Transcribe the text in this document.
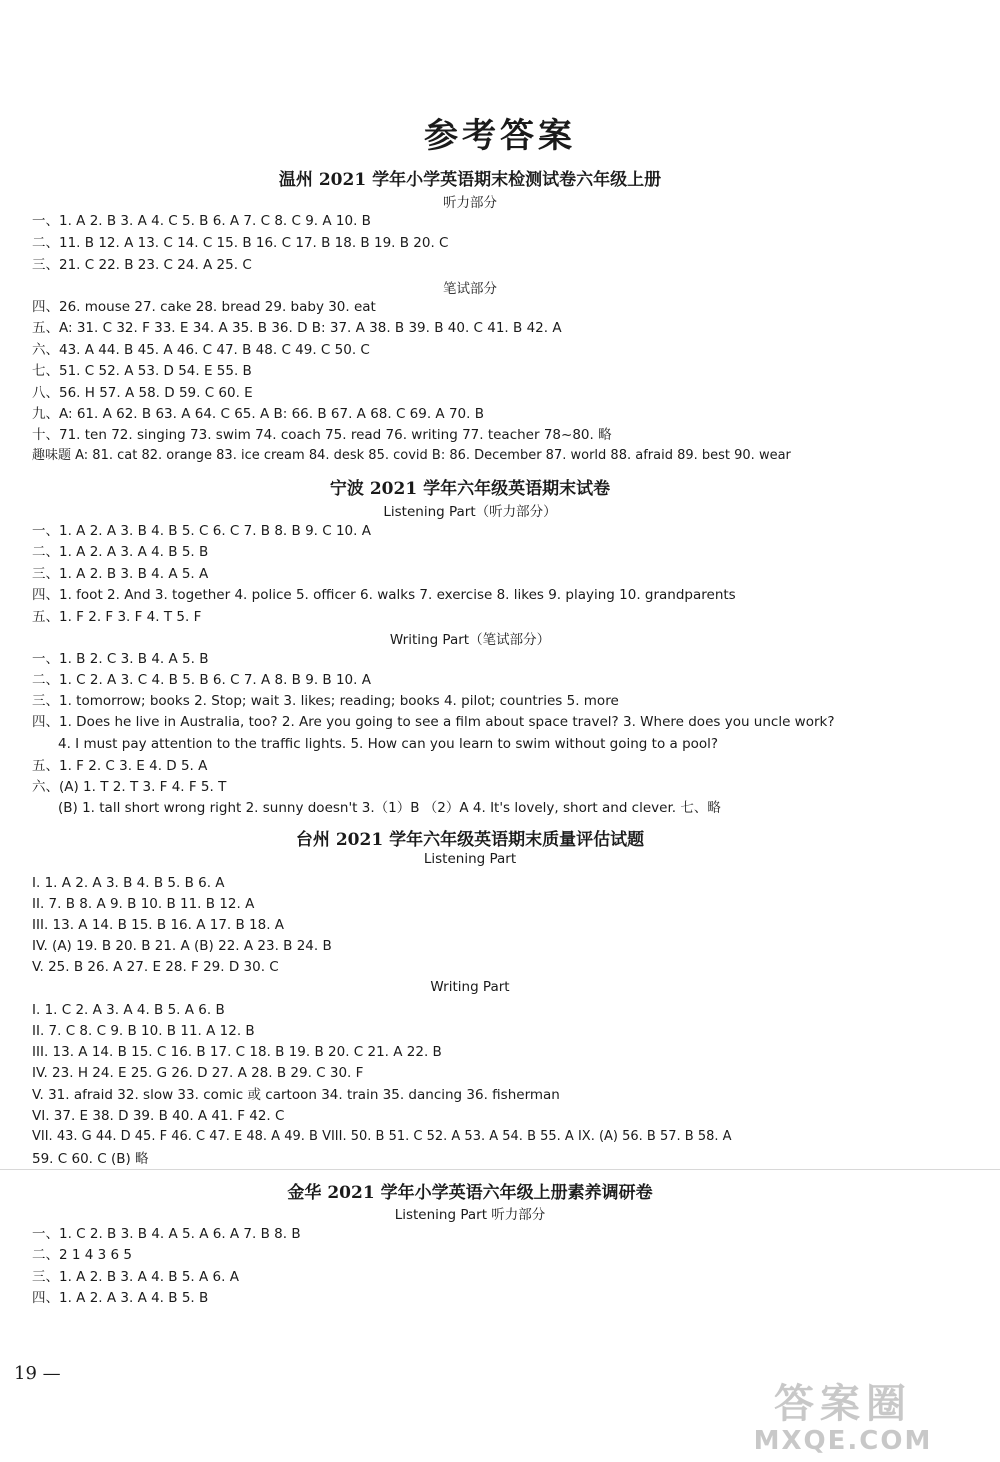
参考答案
温州 2021 学年小学英语期末检测试卷六年级上册

听力部分

一、1. A 2. B 3. A 4. C 5. B 6. A 7. C 8. C 9. A 10. B

二、11. B 12. A 13. C 14. C 15. B 16. C 17. B 18. B 19. B 20. C

三、21. C 22. B 23. C 24. A 25. C

笔试部分

四、26. mouse 27. cake 28. bread 29. baby 30. eat

五、A: 31. C 32. F 33. E 34. A 35. B 36. D B: 37. A 38. B 39. B 40. C 41. B 42. A

六、43. A 44. B 45. A 46. C 47. B 48. C 49. C 50. C

七、51. C 52. A 53. D 54. E 55. B

八、56. H 57. A 58. D 59. C 60. E

九、A: 61. A 62. B 63. A 64. C 65. A B: 66. B 67. A 68. C 69. A 70. B

十、71. ten 72. singing 73. swim 74. coach 75. read 76. writing 77. teacher 78~80. 略

趣味题 A: 81. cat 82. orange 83. ice cream 84. desk 85. covid B: 86. December 87. world 88. afraid 89. best 90. wear

宁波 2021 学年六年级英语期末试卷

Listening Part（听力部分）

一、1. A 2. A 3. B 4. B 5. C 6. C 7. B 8. B 9. C 10. A

二、1. A 2. A 3. A 4. B 5. B

三、1. A 2. B 3. B 4. A 5. A

四、1. foot 2. And 3. together 4. police 5. officer 6. walks 7. exercise 8. likes 9. playing 10. grandparents

五、1. F 2. F 3. F 4. T 5. F

Writing Part（笔试部分）

一、1. B 2. C 3. B 4. A 5. B

二、1. C 2. A 3. C 4. B 5. B 6. C 7. A 8. B 9. B 10. A

三、1. tomorrow; books 2. Stop; wait 3. likes; reading; books 4. pilot; countries 5. more

四、1. Does he live in Australia, too? 2. Are you going to see a film about space travel? 3. Where does you uncle work?

4. I must pay attention to the traffic lights. 5. How can you learn to swim without going to a pool?

五、1. F 2. C 3. E 4. D 5. A

六、(A) 1. T 2. T 3. F 4. F 5. T

(B) 1. tall short wrong right 2. sunny doesn't 3.（1）B （2）A 4. It's lovely, short and clever. 七、略

台州 2021 学年六年级英语期末质量评估试题

Listening Part

I. 1. A 2. A 3. B 4. B 5. B 6. A

II. 7. B 8. A 9. B 10. B 11. B 12. A

III. 13. A 14. B 15. B 16. A 17. B 18. A

IV. (A) 19. B 20. B 21. A (B) 22. A 23. B 24. B

V. 25. B 26. A 27. E 28. F 29. D 30. C

Writing Part

I. 1. C 2. A 3. A 4. B 5. A 6. B

II. 7. C 8. C 9. B 10. B 11. A 12. B

III. 13. A 14. B 15. C 16. B 17. C 18. B 19. B 20. C 21. A 22. B

IV. 23. H 24. E 25. G 26. D 27. A 28. B 29. C 30. F

V. 31. afraid 32. slow 33. comic 或 cartoon 34. train 35. dancing 36. fisherman

VI. 37. E 38. D 39. B 40. A 41. F 42. C

VII. 43. G 44. D 45. F 46. C 47. E 48. A 49. B VIII. 50. B 51. C 52. A 53. A 54. B 55. A IX. (A) 56. B 57. B 58. A

59. C 60. C (B) 略

金华 2021 学年小学英语六年级上册素养调研卷

Listening Part 听力部分

一、1. C 2. B 3. B 4. A 5. A 6. A 7. B 8. B

二、2 1 4 3 6 5

三、1. A 2. B 3. A 4. B 5. A 6. A

四、1. A 2. A 3. A 4. B 5. B

19 —
答案圈
MXQE.COM
